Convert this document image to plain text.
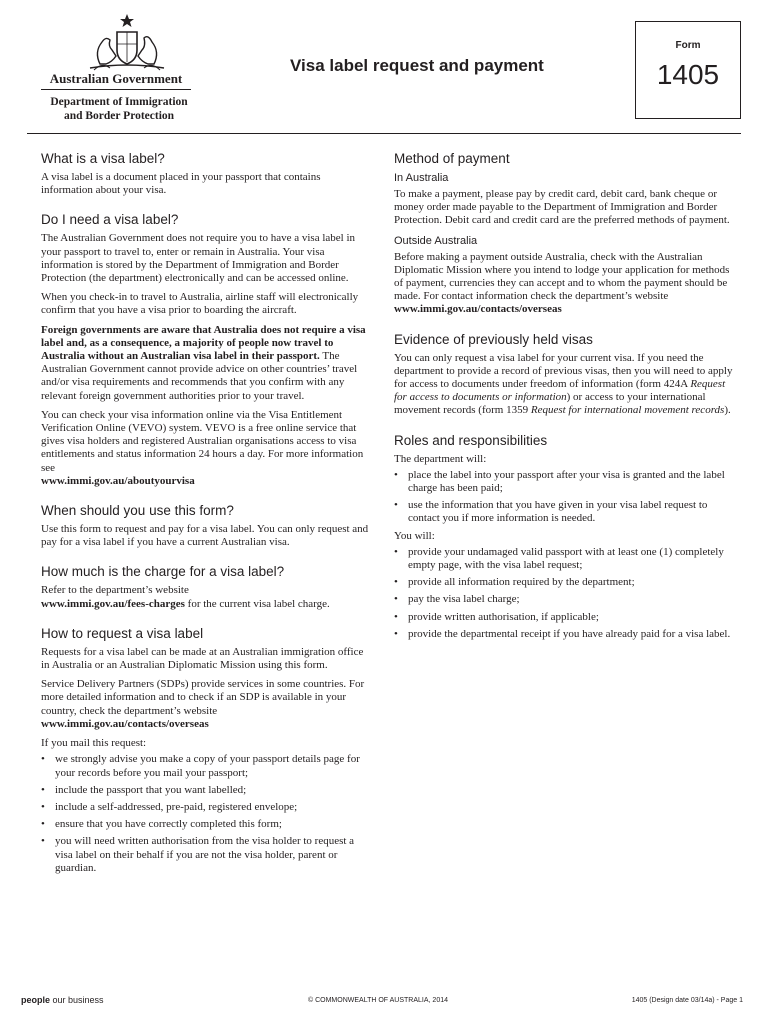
Australian Government
Department of Immigration
and Border Protection
Visa label request and payment
Form
1405
What is a visa label?

A visa label is a document placed in your passport that contains information about your visa.

Do I need a visa label?

The Australian Government does not require you to have a visa label in your passport to travel to, enter or remain in Australia. Your visa information is stored by the Department of Immigration and Border Protection (the department) electronically and can be accessed online.

When you check-in to travel to Australia, airline staff will electronically confirm that you have a visa prior to boarding the aircraft.

Foreign governments are aware that Australia does not require a visa label and, as a consequence, a majority of people now travel to Australia without an Australian visa label in their passport. The Australian Government cannot provide advice on other countries’ travel and/or visa requirements and recommends that you confirm with any relevant foreign government authorities prior to your travel.

You can check your visa information online via the Visa Entitlement Verification Online (VEVO) system. VEVO is a free online service that gives visa holders and registered Australian organisations access to visa entitlements and status information 24 hours a day. For more information see
www.immi.gov.au/aboutyourvisa

When should you use this form?

Use this form to request and pay for a visa label. You can only request and pay for a visa label if you have a current Australian visa.

How much is the charge for a visa label?

Refer to the department’s website
www.immi.gov.au/fees-charges for the current visa label charge.

How to request a visa label

Requests for a visa label can be made at an Australian immigration office in Australia or an Australian Diplomatic Mission using this form.

Service Delivery Partners (SDPs) provide services in some countries. For more detailed information and to check if an SDP is available in your country, check the department’s website
www.immi.gov.au/contacts/overseas

If you mail this request:

• we strongly advise you make a copy of your passport details page for your records before you mail your passport;
• include the passport that you want labelled;
• include a self-addressed, pre-paid, registered envelope;
• ensure that you have correctly completed this form;
• you will need written authorisation from the visa holder to request a visa label on their behalf if you are not the visa holder, parent or guardian.
Method of payment
In Australia

To make a payment, please pay by credit card, debit card, bank cheque or money order made payable to the Department of Immigration and Border Protection. Debit card and credit card are the preferred methods of payment.

Outside Australia

Before making a payment outside Australia, check with the Australian Diplomatic Mission where you intend to lodge your application for methods of payment, currencies they can accept and to whom the payment should be made. For contact information check the department’s website
www.immi.gov.au/contacts/overseas

Evidence of previously held visas

You can only request a visa label for your current visa. If you need the department to provide a record of previous visas, then you will need to apply for access to documents under freedom of information (form 424A Request for access to documents or information) or access to your international movement records (form 1359 Request for international movement records).

Roles and responsibilities

The department will:

• place the label into your passport after your visa is granted and the label charge has been paid;
• use the information that you have given in your visa label request to contact you if more information is needed.

You will:

• provide your undamaged valid passport with at least one (1) completely empty page, with the visa label request;
• provide all information required by the department;
• pay the visa label charge;
• provide written authorisation, if applicable;
• provide the departmental receipt if you have already paid for a visa label.
people our business	© COMMONWEALTH OF AUSTRALIA, 2014	1405 (Design date 03/14a) - Page 1
